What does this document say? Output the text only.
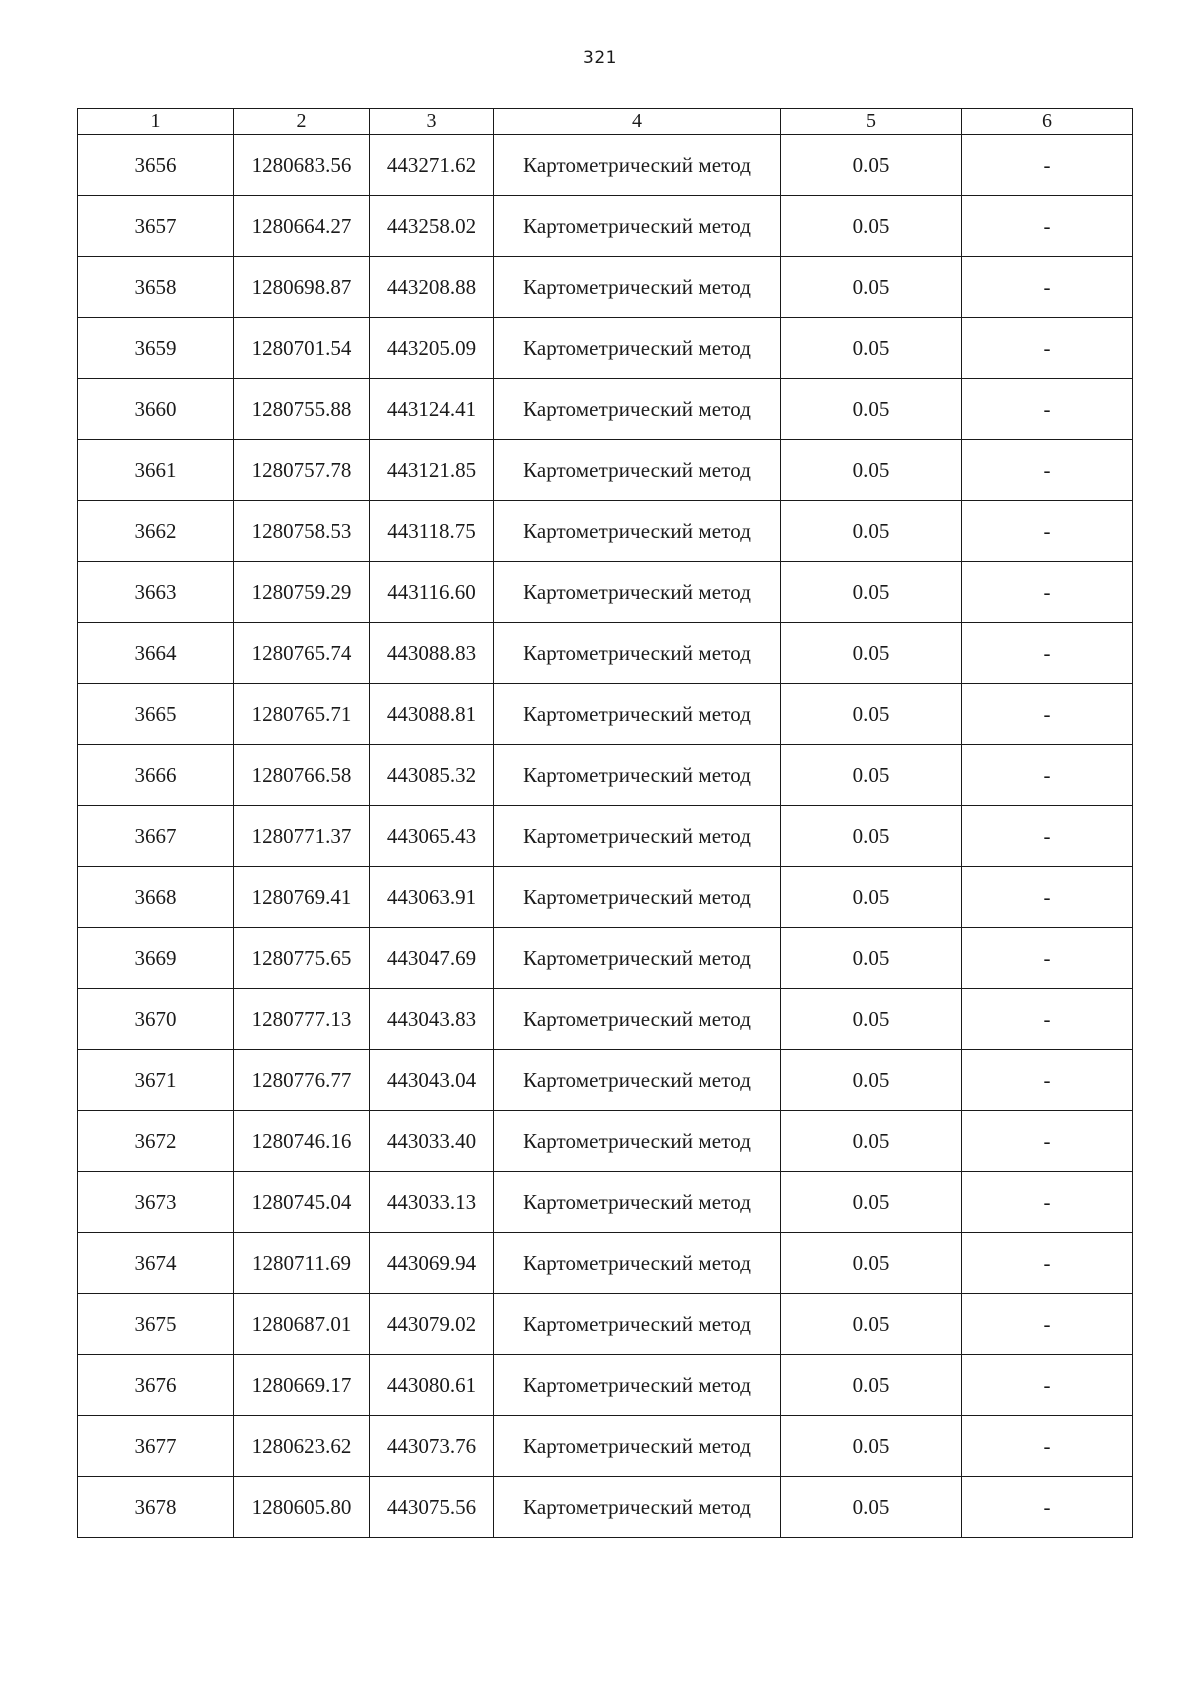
321
1	2	3	4	5	6
3656	1280683.56	443271.62	Картометрический метод	0.05	-
3657	1280664.27	443258.02	Картометрический метод	0.05	-
3658	1280698.87	443208.88	Картометрический метод	0.05	-
3659	1280701.54	443205.09	Картометрический метод	0.05	-
3660	1280755.88	443124.41	Картометрический метод	0.05	-
3661	1280757.78	443121.85	Картометрический метод	0.05	-
3662	1280758.53	443118.75	Картометрический метод	0.05	-
3663	1280759.29	443116.60	Картометрический метод	0.05	-
3664	1280765.74	443088.83	Картометрический метод	0.05	-
3665	1280765.71	443088.81	Картометрический метод	0.05	-
3666	1280766.58	443085.32	Картометрический метод	0.05	-
3667	1280771.37	443065.43	Картометрический метод	0.05	-
3668	1280769.41	443063.91	Картометрический метод	0.05	-
3669	1280775.65	443047.69	Картометрический метод	0.05	-
3670	1280777.13	443043.83	Картометрический метод	0.05	-
3671	1280776.77	443043.04	Картометрический метод	0.05	-
3672	1280746.16	443033.40	Картометрический метод	0.05	-
3673	1280745.04	443033.13	Картометрический метод	0.05	-
3674	1280711.69	443069.94	Картометрический метод	0.05	-
3675	1280687.01	443079.02	Картометрический метод	0.05	-
3676	1280669.17	443080.61	Картометрический метод	0.05	-
3677	1280623.62	443073.76	Картометрический метод	0.05	-
3678	1280605.80	443075.56	Картометрический метод	0.05	-
